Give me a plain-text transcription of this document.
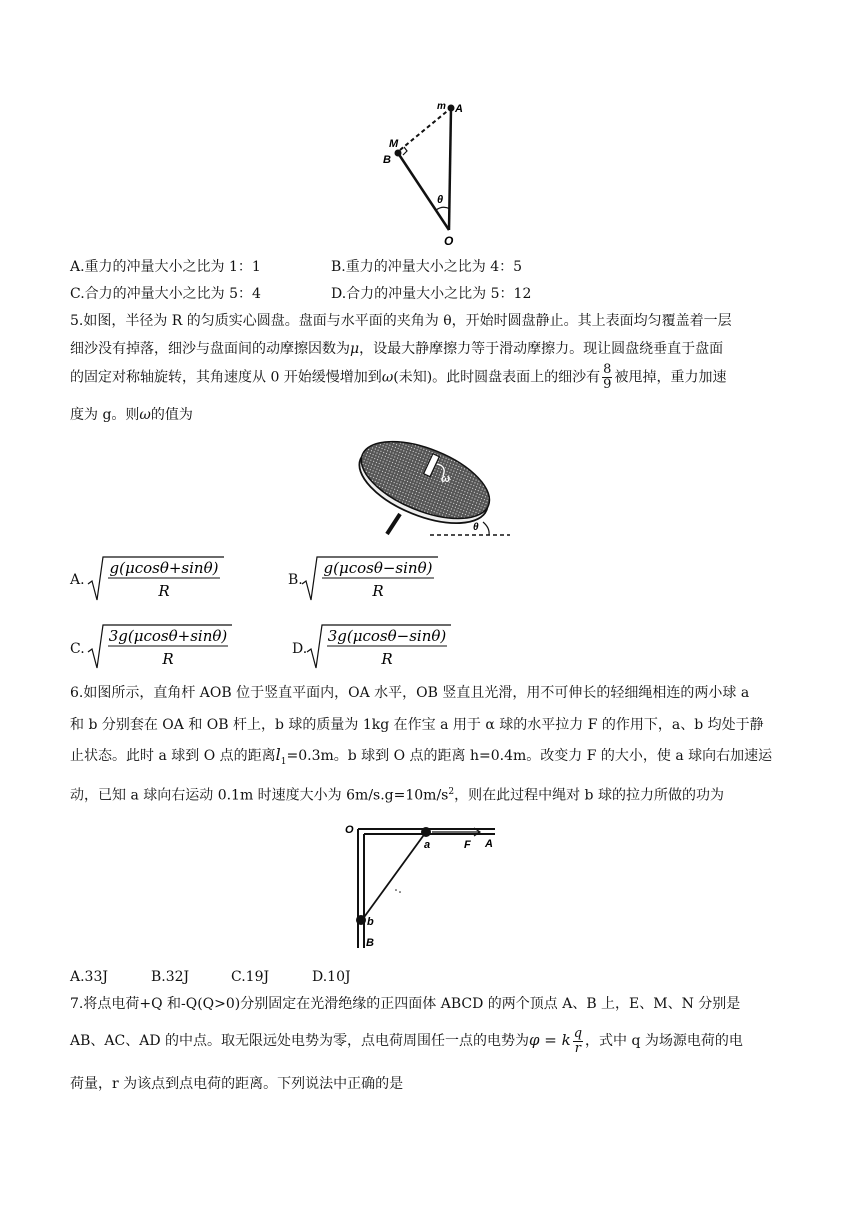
m A
M
B
θ
O
A.重力的冲量大小之比为 1：1	B.重力的冲量大小之比为 4：5
C.合力的冲量大小之比为 5：4	D.合力的冲量大小之比为 5：12
5.如图，半径为 R 的匀质实心圆盘。盘面与水平面的夹角为 θ，开始时圆盘静止。其上表面均匀覆盖着一层
细沙没有掉落，细沙与盘面间的动摩擦因数为μ，设最大静摩擦力等于滑动摩擦力。现让圆盘绕垂直于盘面
的固定对称轴旋转，其角速度从 0 开始缓慢增加到ω(未知)。此时圆盘表面上的细沙有 $\frac{8}{9}$ 被甩掉，重力加速
度为 g。则ω的值为
ω
θ
A.
g(μcosθ+sinθ)
R
B.
g(μcosθ−sinθ)
R
C.
3g(μcosθ+sinθ)
R
D.
3g(μcosθ−sinθ)
R
6.如图所示，直角杆 AOB 位于竖直平面内，OA 水平，OB 竖直且光滑，用不可伸长的轻细绳相连的两小球 a
和 b 分别套在 OA 和 OB 杆上，b 球的质量为 1kg 在作宝 a 用于 α 球的水平拉力 F 的作用下，a、b 均处于静
止状态。此时 a 球到 O 点的距离$l_1=0.3m$。b 球到 O 点的距离 h=0.4m。改变力 F 的大小，使 a 球向右加速运
动，已知 a 球向右运动 0.1m 时速度大小为 $6m/s.g=10m/s^2$，则在此过程中绳对 b 球的拉力所做的功为
O
a	F A
b
B
A.33J	B.32J	C.19J	D.10J
7.将点电荷+Q 和-Q(Q>0)分别固定在光滑绝缘的正四面体 ABCD 的两个顶点 A、B 上，E、M、N 分别是
AB、AC、AD 的中点。取无限远处电势为零，点电荷周围任一点的电势为φ = k $\frac{q}{r}$ ，式中 q 为场源电荷的电
荷量，r 为该点到点电荷的距离。下列说法中正确的是
